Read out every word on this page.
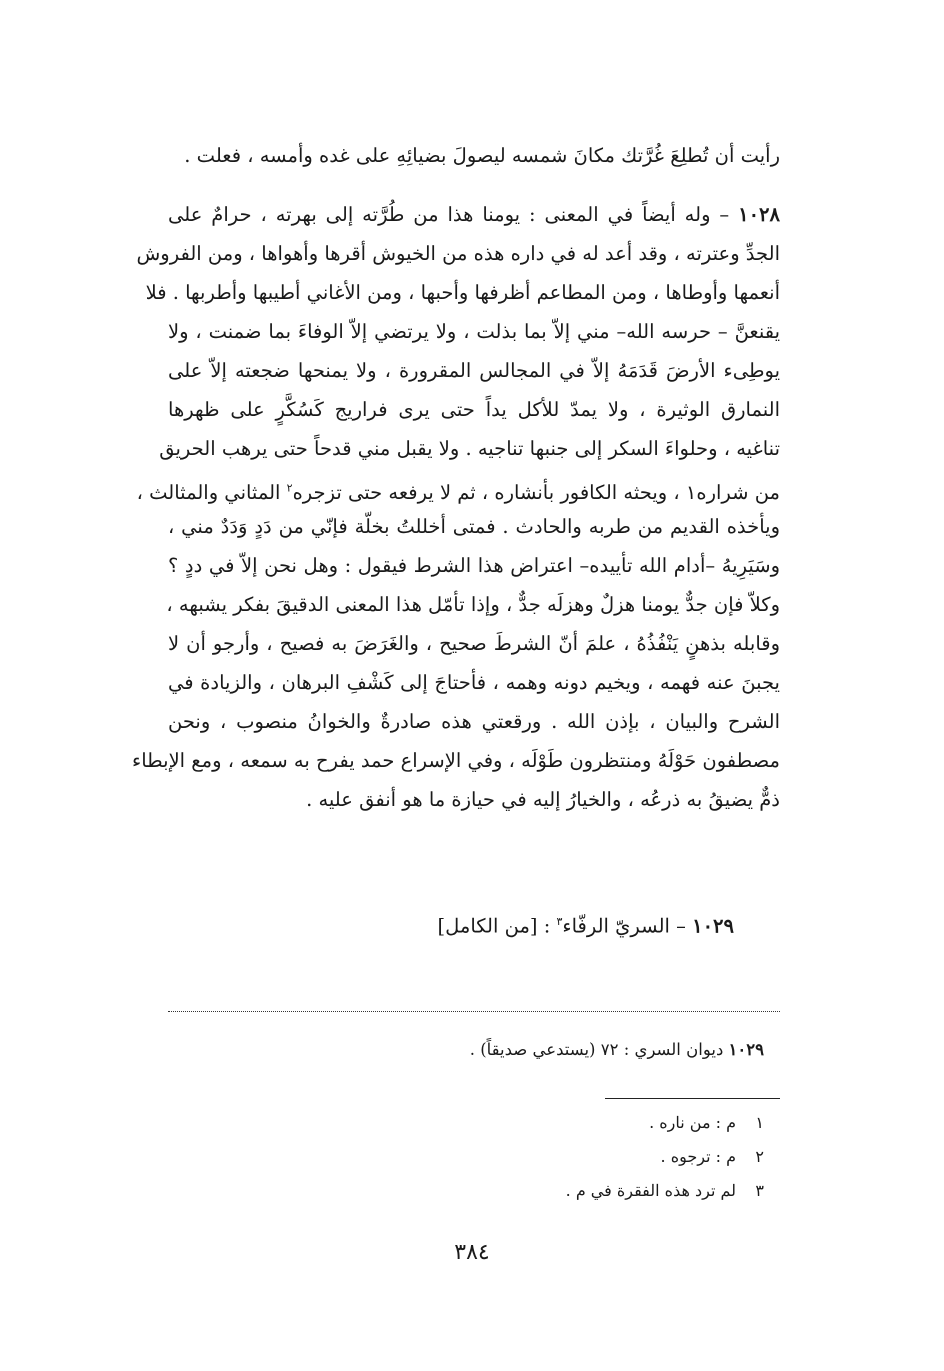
رأيت أن تُطلِعَ غُرَّتك مكانَ شمسه ليصولَ بضيائِهِ على غده وأمسه ، فعلت .
١٠٢٨ – وله أيضاً في المعنى : يومنا هذا من طُرَّته إلى بهرته ، حرامٌ على
الجدِّ وعترته ، وقد أعد له في داره هذه من الخيوش أقرها وأهواها ، ومن الفروش
أنعمها وأوطاها ، ومن المطاعم أظرفها وأحبها ، ومن الأغاني أطيبها وأطربها . فلا
يقنعنَّ – حرسه الله– مني إلاّ بما بذلت ، ولا يرتضي إلاّ الوفاءَ بما ضمنت ، ولا
يوطِىء الأرضَ قَدَمَهُ إلاّ في المجالس المقرورة ، ولا يمنحها ضجعته إلاّ على
النمارق الوثيرة ، ولا يمدّ للأكل يداً حتى يرى فراريج كَسُكَّرٍ على ظهرها
تناغيه ، وحلواءَ السكر إلى جنبها تناجيه . ولا يقبل مني قدحاً حتى يرهب الحريق
من شراره١ ، ويحثه الكافور بأنشاره ، ثم لا يرفعه حتى تزجره$^٢$ المثاني والمثالث ،
ويأخذه القديم من طربه والحادث . فمتى أخللتُ بخلّة فإنّي من دَدٍ وَدَدٌ مني ،
وسَيَرِيهُ –أدام الله تأييده– اعتراض هذا الشرط فيقول : وهل نحن إلاّ في ددٍ ؟
وكلاّ فإن جدٌّ يومنا هزلٌ وهزلَه جدٌّ ، وإذا تأمّل هذا المعنى الدقيقَ بفكر يشبهه ،
وقابله بذهنٍ يَنْفُذُهُ ، علمَ أنّ الشرطَ صحيح ، والغَرَضَ به فصيح ، وأرجو أن لا
يجبنَ عنه فهمه ، ويخيم دونه وهمه ، فأحتاجَ إلى كَشْفِ البرهان ، والزيادة في
الشرح والبيان ، بإذن الله . ورقعتي هذه صادرةٌ والخوانُ منصوب ، ونحن
مصطفون حَوْلَهُ ومنتظرون طَوْلَه ، وفي الإسراع حمد يفرح به سمعه ، ومع الإبطاء
ذمٌّ يضيقُ به ذرعُه ، والخيارُ إليه في حيازة ما هو أنفق عليه .
١٠٢٩ – السريّ الرفّاء$^٣$ : [من الكامل]
١٠٢٩ ديوان السري : ٧٢ (يستدعي صديقاً) .
١م : من ناره .
٢م : ترجوه .
٣لم ترد هذه الفقرة في م .
٣٨٤
